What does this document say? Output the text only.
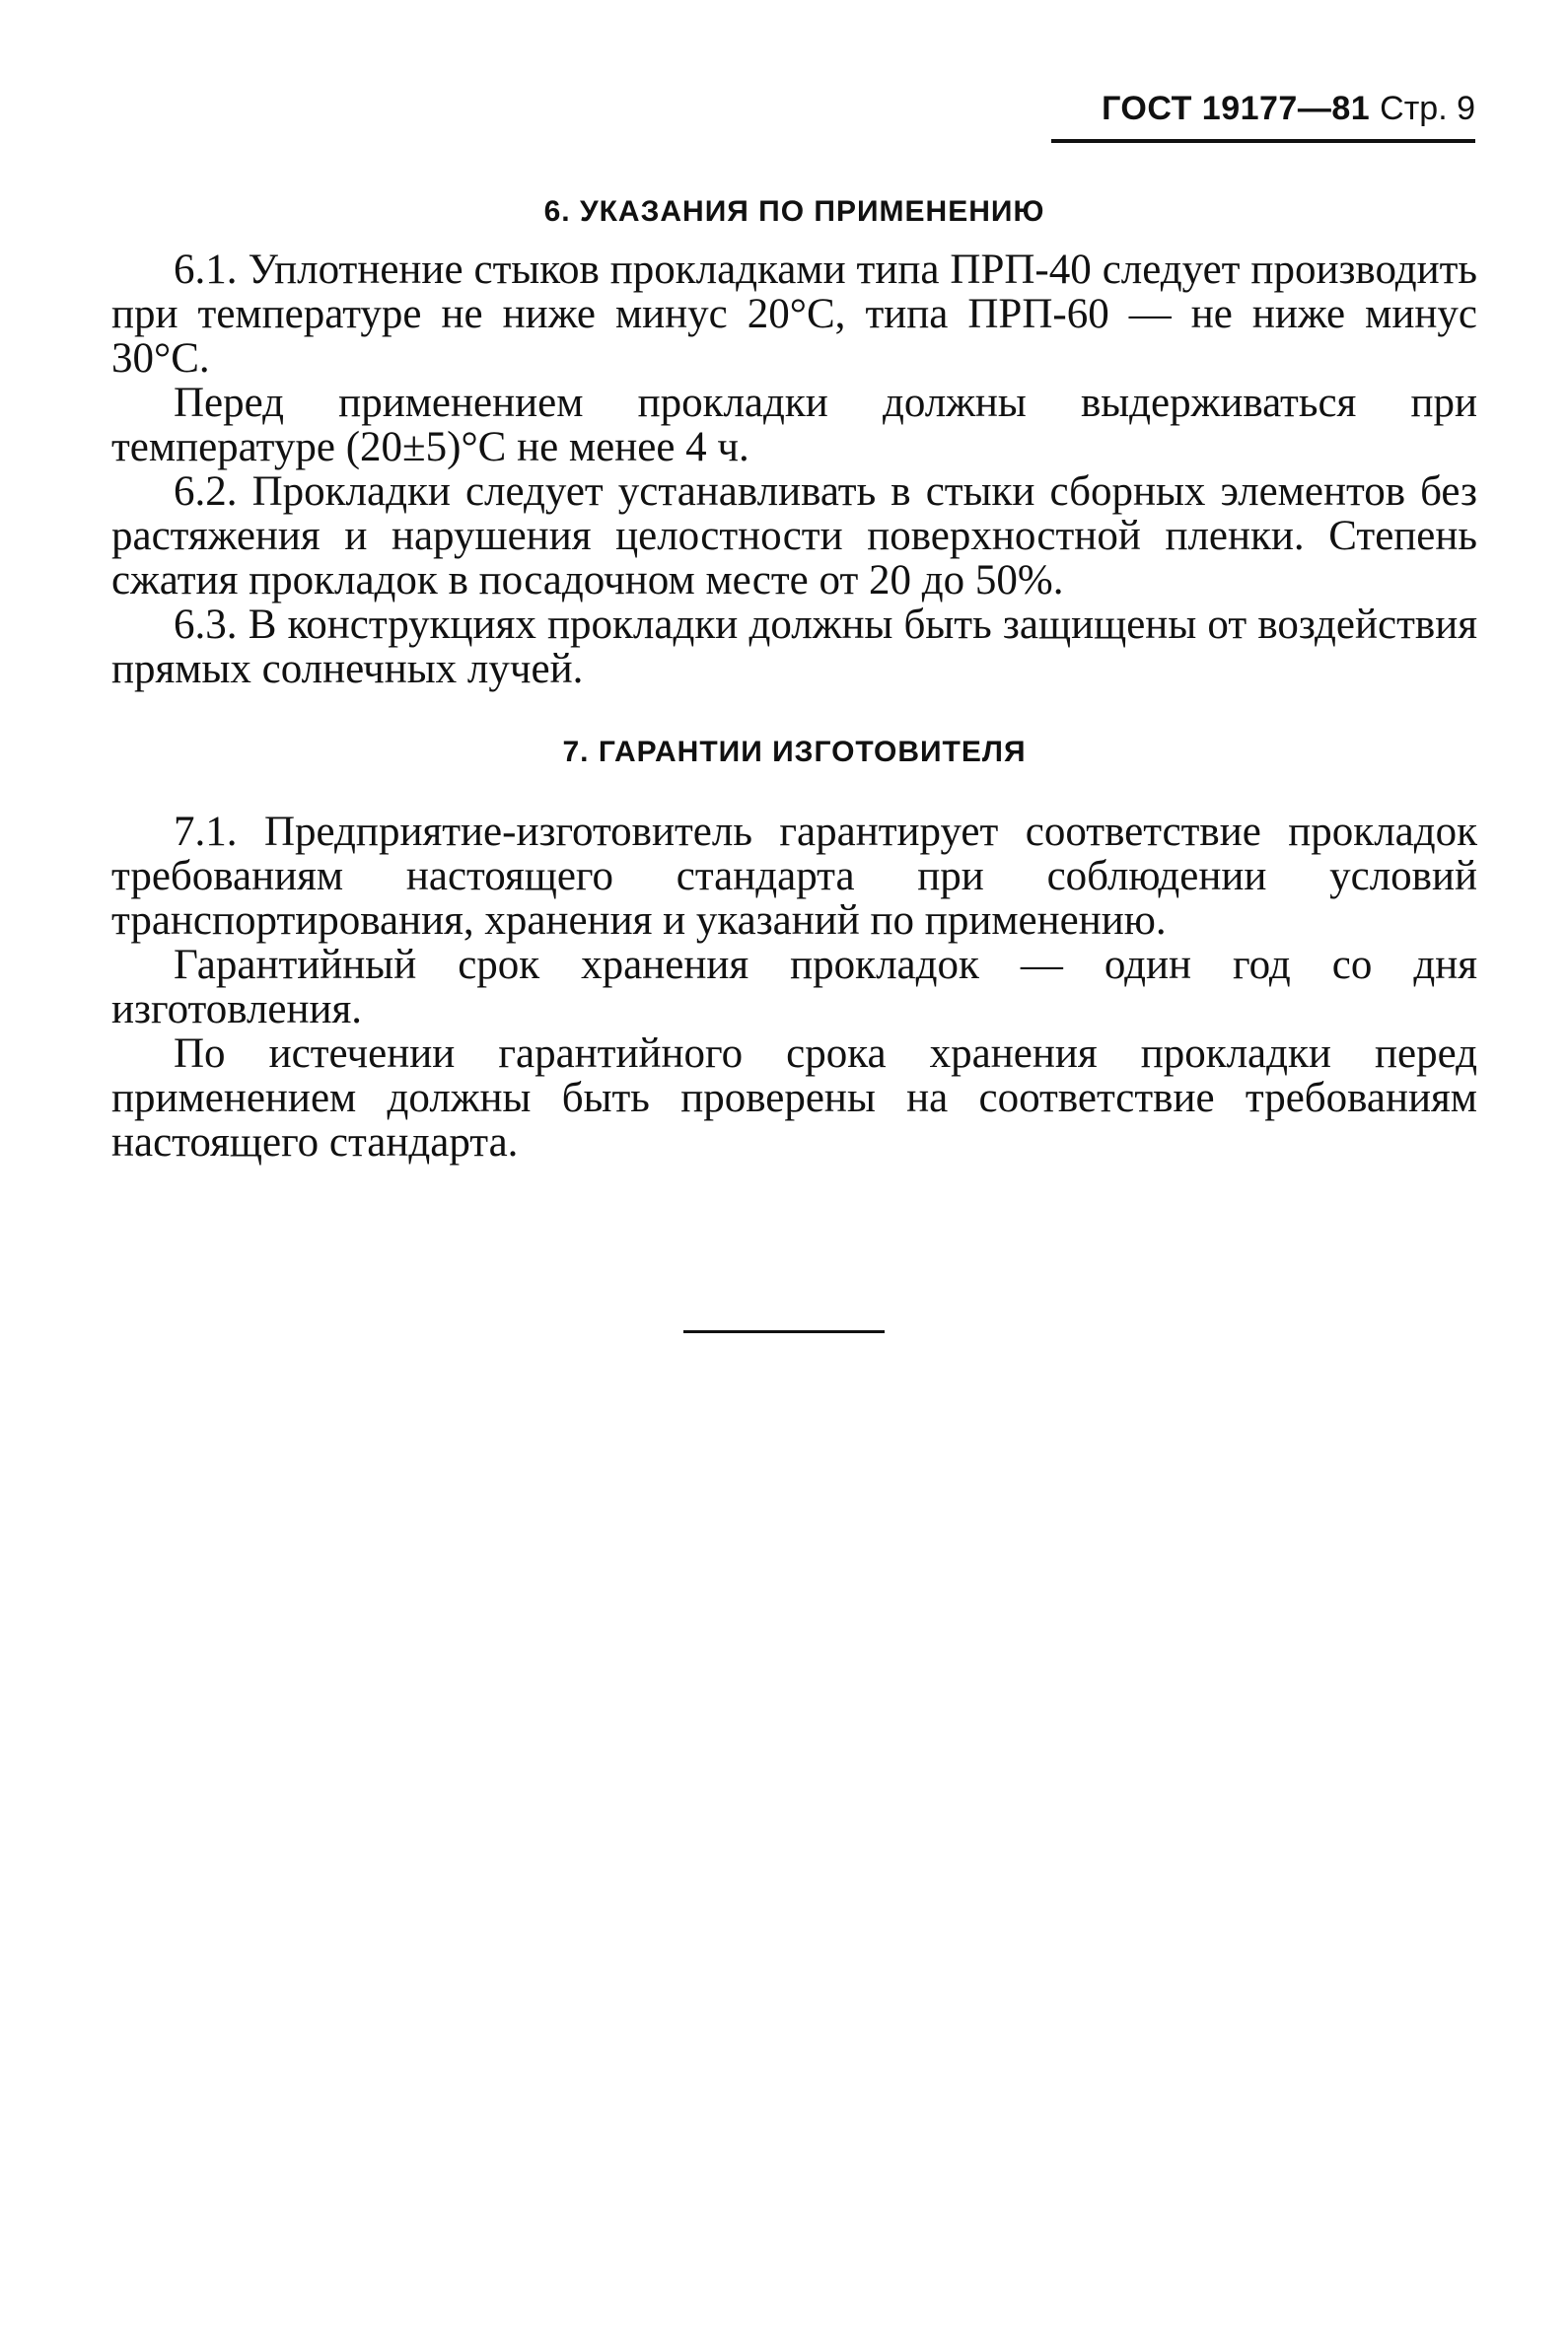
ГОСТ 19177—81 Стр. 9
6. УКАЗАНИЯ ПО ПРИМЕНЕНИЮ

6.1. Уплотнение стыков прокладками типа ПРП-40 следует производить при температуре не ниже минус 20°С, типа ПРП-60 — не ниже минус 30°С.

Перед применением прокладки должны выдерживаться при температуре (20±5)°С не менее 4 ч.

6.2. Прокладки следует устанавливать в стыки сборных элементов без растяжения и нарушения целостности поверхностной пленки. Степень сжатия прокладок в посадочном месте от 20 до 50%.

6.3. В конструкциях прокладки должны быть защищены от воздействия прямых солнечных лучей.

7. ГАРАНТИИ ИЗГОТОВИТЕЛЯ

7.1. Предприятие-изготовитель гарантирует соответствие прокладок требованиям настоящего стандарта при соблюдении условий транспортирования, хранения и указаний по применению.

Гарантийный срок хранения прокладок — один год со дня изготовления.

По истечении гарантийного срока хранения прокладки перед применением должны быть проверены на соответствие требованиям настоящего стандарта.
